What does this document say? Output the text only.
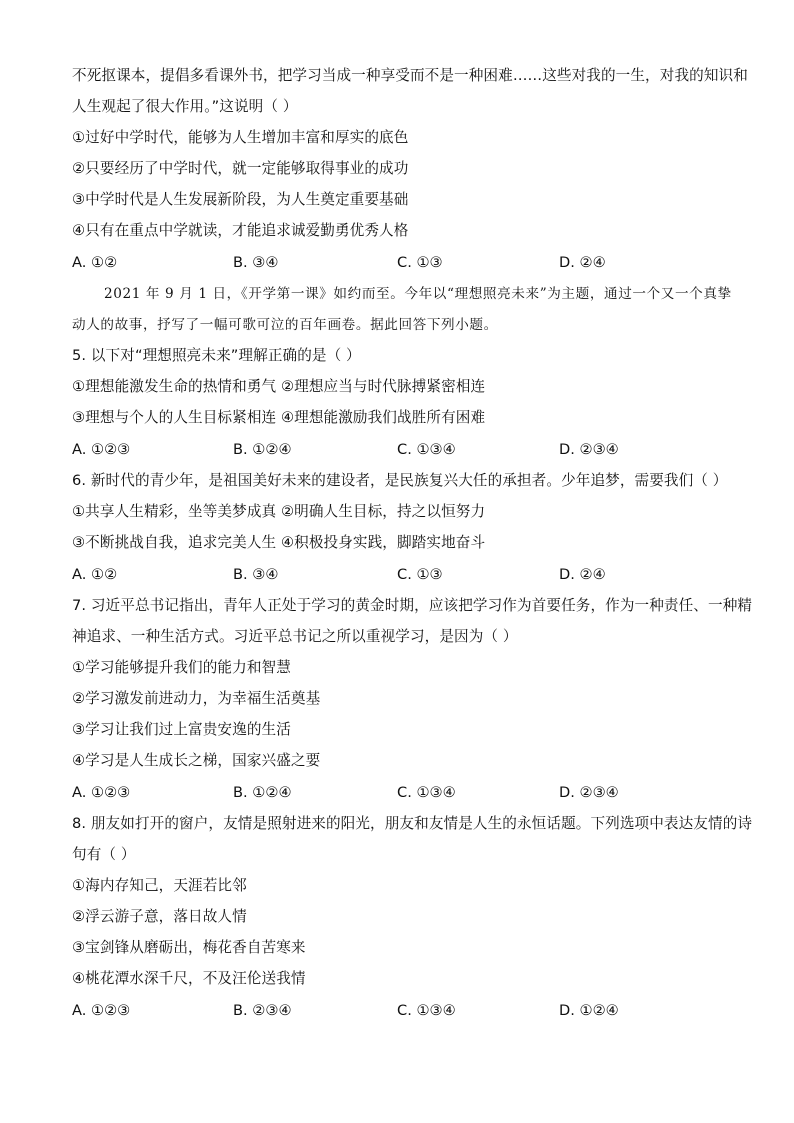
不死抠课本，提倡多看课外书，把学习当成一种享受而不是一种困难……这些对我的一生，对我的知识和
人生观起了很大作用。”这说明（ ）
①过好中学时代，能够为人生增加丰富和厚实的底色
②只要经历了中学时代，就一定能够取得事业的成功
③中学时代是人生发展新阶段，为人生奠定重要基础
④只有在重点中学就读，才能追求诚爱勤勇优秀人格
A. ①②	B. ③④	C. ①③	D. ②④
2021 年 9 月 1 日，《开学第一课》如约而至。今年以“理想照亮未来”为主题，通过一个又一个真挚
动人的故事，抒写了一幅可歌可泣的百年画卷。据此回答下列小题。
5. 以下对“理想照亮未来”理解正确的是（ ）
①理想能激发生命的热情和勇气 ②理想应当与时代脉搏紧密相连
③理想与个人的人生目标紧相连 ④理想能激励我们战胜所有困难
A. ①②③	B. ①②④	C. ①③④	D. ②③④
6. 新时代的青少年，是祖国美好未来的建设者，是民族复兴大任的承担者。少年追梦，需要我们（ ）
①共享人生精彩，坐等美梦成真 ②明确人生目标，持之以恒努力
③不断挑战自我，追求完美人生 ④积极投身实践，脚踏实地奋斗
A. ①②	B. ③④	C. ①③	D. ②④
7. 习近平总书记指出，青年人正处于学习的黄金时期，应该把学习作为首要任务，作为一种责任、一种精
神追求、一种生活方式。习近平总书记之所以重视学习，是因为（ ）
①学习能够提升我们的能力和智慧
②学习激发前进动力，为幸福生活奠基
③学习让我们过上富贵安逸的生活
④学习是人生成长之梯，国家兴盛之要
A. ①②③	B. ①②④	C. ①③④	D. ②③④
8. 朋友如打开的窗户，友情是照射进来的阳光，朋友和友情是人生的永恒话题。下列选项中表达友情的诗
句有（ ）
①海内存知己，天涯若比邻
②浮云游子意，落日故人情
③宝剑锋从磨砺出，梅花香自苦寒来
④桃花潭水深千尺，不及汪伦送我情
A. ①②③	B. ②③④	C. ①③④	D. ①②④
